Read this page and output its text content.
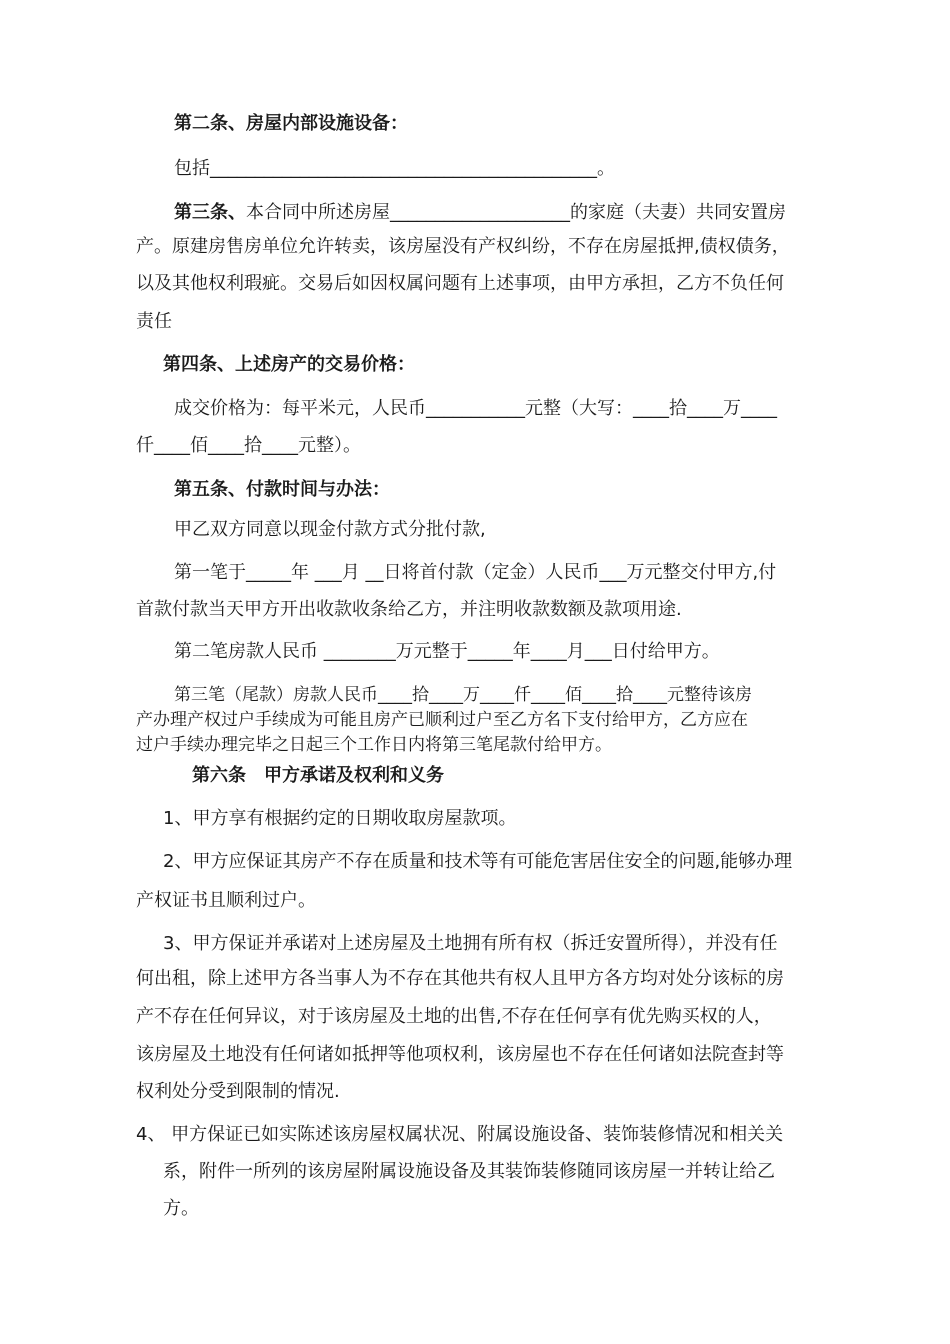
第二条、房屋内部设施设备：
包括___________________________________________。
第三条、本合同中所述房屋____________________的家庭（夫妻）共同安置房
产。原建房售房单位允许转卖，该房屋没有产权纠纷，不存在房屋抵押,债权债务，
以及其他权利瑕疵。交易后如因权属问题有上述事项，由甲方承担，乙方不负任何
责任
第四条、上述房产的交易价格：
成交价格为：每平米元，人民币___________元整（大写：____拾____万____
仟____佰____拾____元整）。
第五条、付款时间与办法：
甲乙双方同意以现金付款方式分批付款,
第一笔于_____年 ___月 __日将首付款（定金）人民币___万元整交付甲方,付
首款付款当天甲方开出收款收条给乙方，并注明收款数额及款项用途.
第二笔房款人民币 ________万元整于_____年____月___日付给甲方。
第三笔（尾款）房款人民币____拾____万____仟____佰____拾____元整待该房
产办理产权过户手续成为可能且房产已顺利过户至乙方名下支付给甲方，乙方应在
过户手续办理完毕之日起三个工作日内将第三笔尾款付给甲方。
第六条　甲方承诺及权利和义务
1、甲方享有根据约定的日期收取房屋款项。
2、甲方应保证其房产不存在质量和技术等有可能危害居住安全的问题,能够办理
产权证书且顺利过户。
3、甲方保证并承诺对上述房屋及土地拥有所有权（拆迁安置所得），并没有任
何出租，除上述甲方各当事人为不存在其他共有权人且甲方各方均对处分该标的房
产不存在任何异议，对于该房屋及土地的出售,不存在任何享有优先购买权的人，
该房屋及土地没有任何诸如抵押等他项权利，该房屋也不存在任何诸如法院查封等
权利处分受到限制的情况.
4、 甲方保证已如实陈述该房屋权属状况、附属设施设备、装饰装修情况和相关关
系，附件一所列的该房屋附属设施设备及其装饰装修随同该房屋一并转让给乙
方。
